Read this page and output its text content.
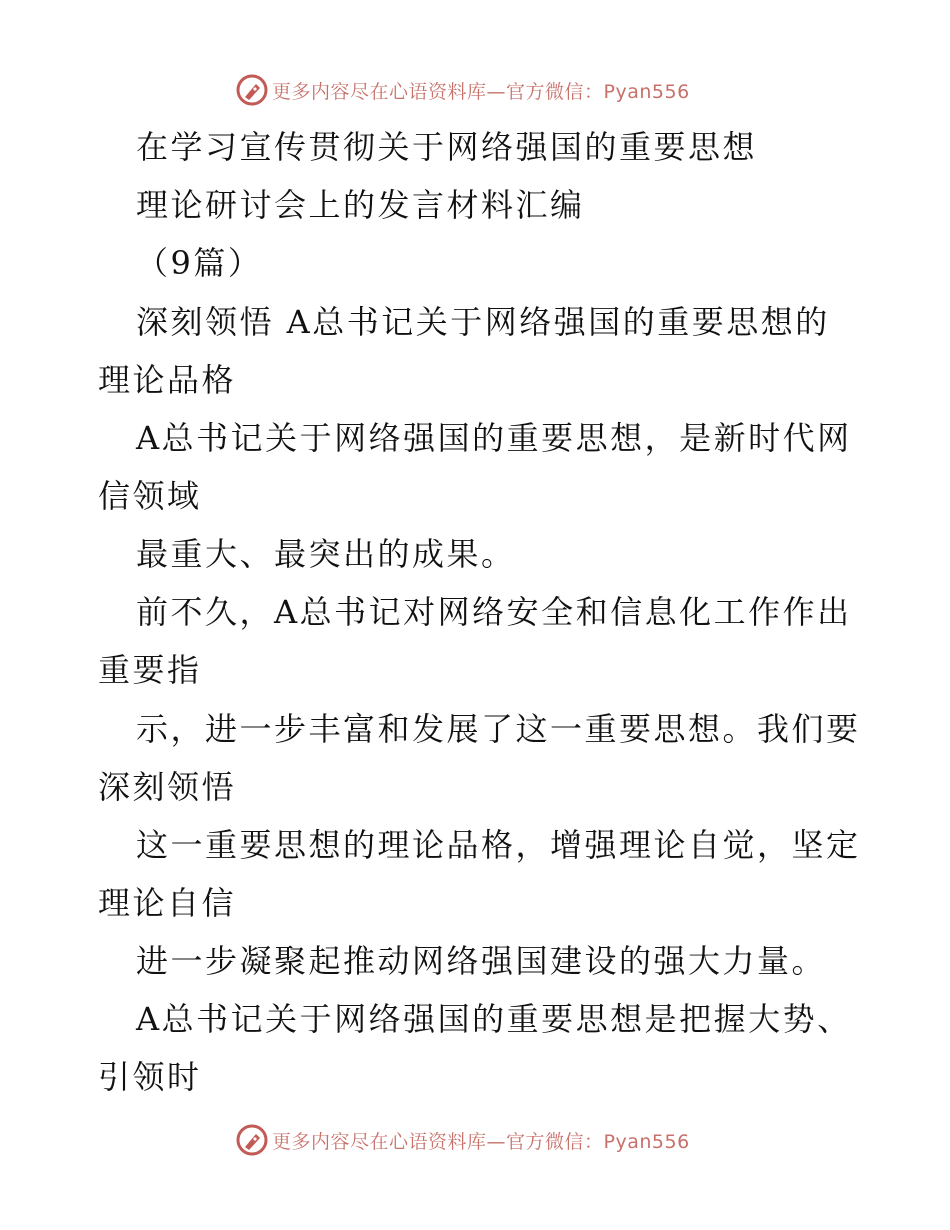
更多内容尽在心语资料库—官方微信：Pyan556
在学习宣传贯彻关于网络强国的重要思想
理论研讨会上的发言材料汇编
（9篇）
深刻领悟 A总书记关于网络强国的重要思想的
理论品格
A总书记关于网络强国的重要思想，是新时代网
信领域
最重大、最突出的成果。
前不久，A总书记对网络安全和信息化工作作出
重要指
示，进一步丰富和发展了这一重要思想。我们要
深刻领悟
这一重要思想的理论品格，增强理论自觉，坚定
理论自信
进一步凝聚起推动网络强国建设的强大力量。
A总书记关于网络强国的重要思想是把握大势、
引领时
更多内容尽在心语资料库—官方微信：Pyan556
